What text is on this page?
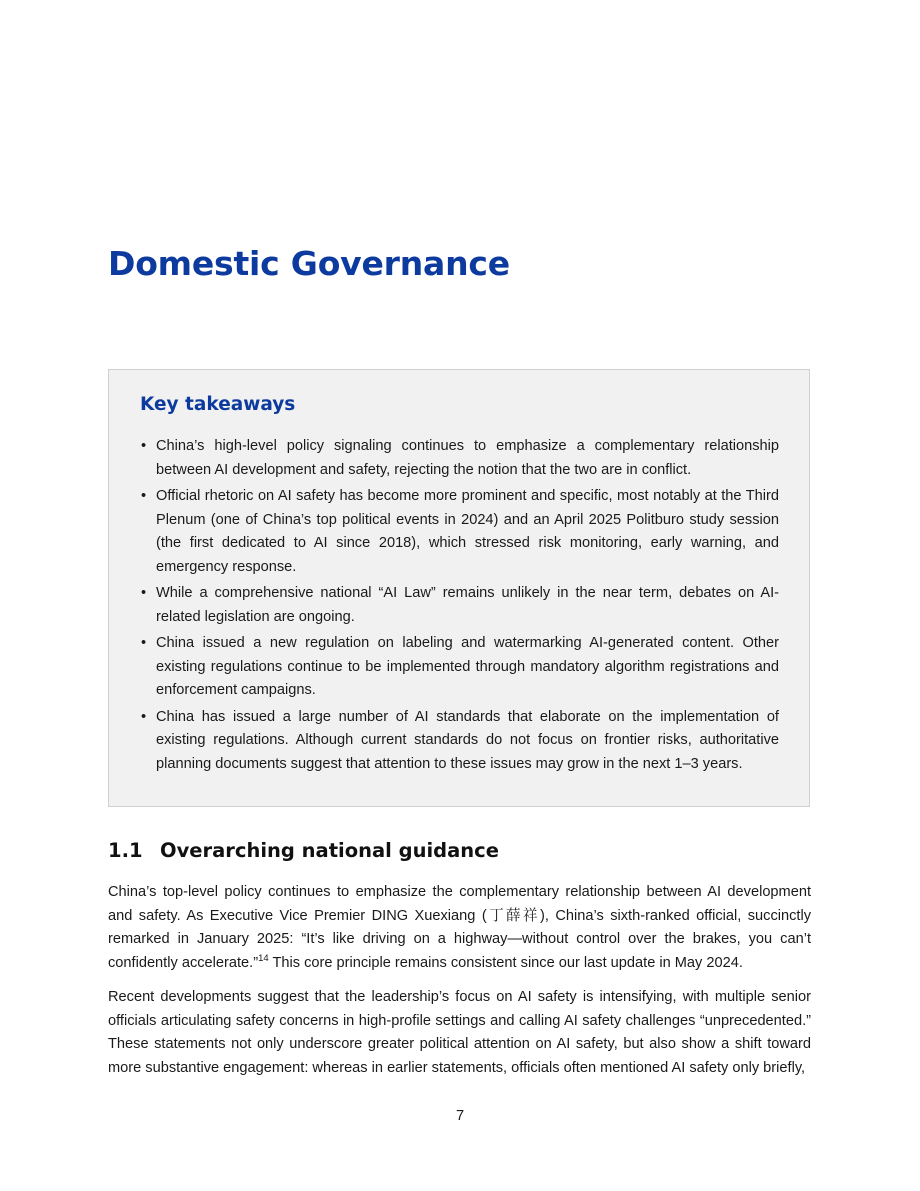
Domestic Governance
Key takeaways
• China’s high-level policy signaling continues to emphasize a complementary relationship between AI development and safety, rejecting the notion that the two are in conflict.
• Official rhetoric on AI safety has become more prominent and specific, most notably at the Third Plenum (one of China’s top political events in 2024) and an April 2025 Politburo study session (the first dedicated to AI since 2018), which stressed risk monitoring, early warning, and emergency response.
• While a comprehensive national “AI Law” remains unlikely in the near term, debates on AI-related legislation are ongoing.
• China issued a new regulation on labeling and watermarking AI-generated content. Other existing regulations continue to be implemented through mandatory algorithm registrations and enforcement campaigns.
• China has issued a large number of AI standards that elaborate on the implementation of existing regulations. Although current standards do not focus on frontier risks, authoritative planning documents suggest that attention to these issues may grow in the next 1–3 years.
1.1 Overarching national guidance

China’s top-level policy continues to emphasize the complementary relationship between AI development and safety. As Executive Vice Premier DING Xuexiang (丁薛祥), China’s sixth-ranked official, succinctly remarked in January 2025: “It’s like driving on a highway—without control over the brakes, you can’t confidently accelerate.”$^{14}$ This core principle remains consistent since our last update in May 2024.

Recent developments suggest that the leadership’s focus on AI safety is intensifying, with multiple senior officials articulating safety concerns in high-profile settings and calling AI safety challenges “unprecedented.” These statements not only underscore greater political attention on AI safety, but also show a shift toward more substantive engagement: whereas in earlier statements, officials often mentioned AI safety only briefly,

7
